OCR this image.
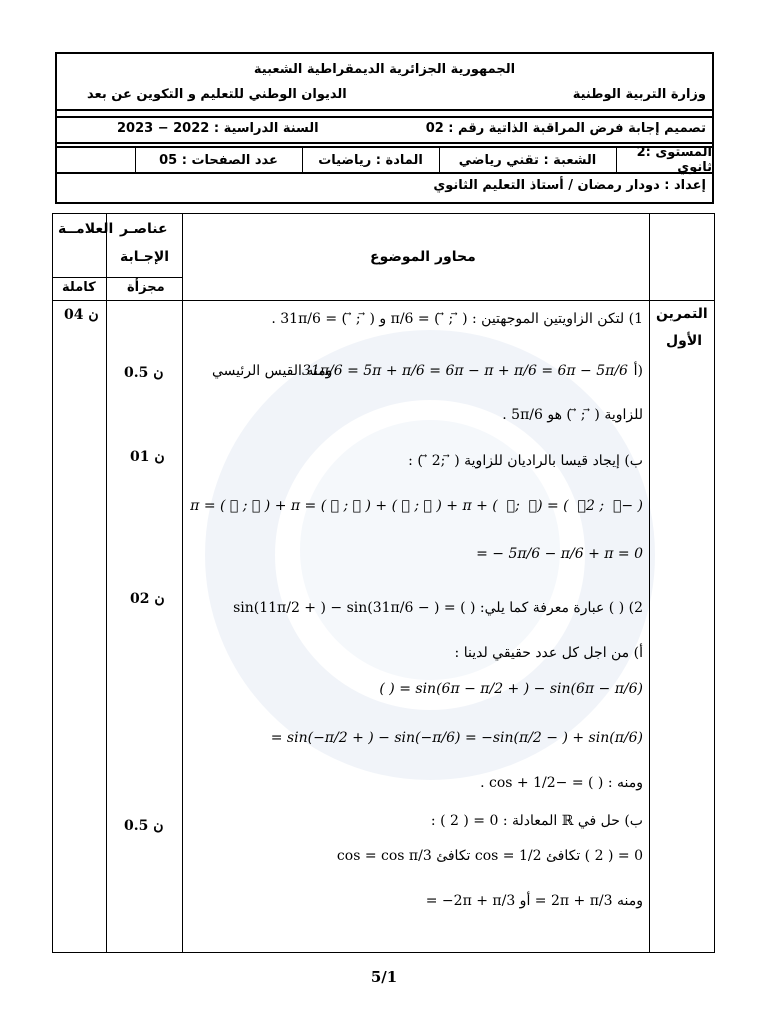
الجمهورية الجزائرية الديمقراطية الشعبية
وزارة التربية الوطنية
الديوان الوطني للتعليم و التكوين عن بعد
تصميم إجابة فرض المراقبة الذاتية رقم : 02
السنة الدراسية : 2022 − 2023
المستوى :2 ثانوي
الشعبة : تقني رياضي
المادة : رياضيات
عدد الصفحات : 05
إعداد : دودار رمضان / أستاذ التعليم الثانوي
العلامــة عناصـر
الإجـابة	محاور الموضوع
كاملة مجزأة
التمرين
الأول
04 ن
0.5 ن
01 ن
02 ن
0.5 ن
1) لتكن الزاويتين الموجهتين : ( ⃗ ; ⃗ ) = π/6 و ( ⃗ ; ⃗ ) = 31π/6 .
أ)
31π/6 = 5π + π/6 = 6π − π + π/6 = 6π − 5π/6
ومنه القيس الرئيسي
للزاوية ( ⃗ ; ⃗ ) هو 5π/6 .
ب) إيجاد قيسا بالراديان للزاوية ( ⃗ ;2 ⃗ ) :
( − ⃗ ; 2 ⃗ ) = ( ⃗ ; ⃗ ) + π = ( ⃗ ; ⃗ ) + π = ( ⃗ ; ⃗ ) + ( ⃗ ; ⃗ ) + π
= − 5π/6 − π/6 + π = 0
2) ( ) عبارة معرفة كما يلي: ( ) = sin(11π/2 + ) − sin(31π/6 − )
أ) من اجل كل عدد حقيقي لدينا :
( ) = sin(6π − π/2 + ) − sin(6π − π/6)
= sin(−π/2 + ) − sin(−π/6) = −sin(π/2 − ) + sin(π/6)
ومنه : ( ) = −cos + 1/2 .
ب) حل في ℝ المعادلة : 0 = ( 2 ) :
0 = ( 2 ) تكافئ cos = 1/2 تكافئ cos = cos π/3
ومنه 2π + π/3 = أو 2π + π/3− =
5/1
